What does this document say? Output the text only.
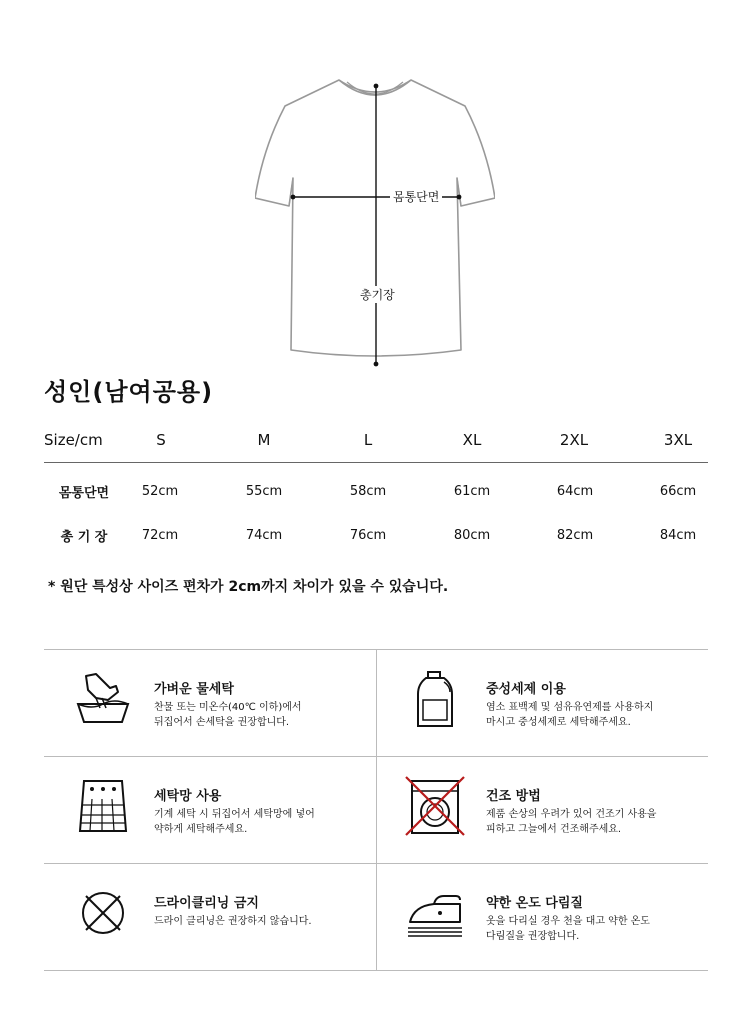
몸통단면
총기장
성인(남여공용)
Size/cm	S	M	L	XL	2XL	3XL
몸통단면	52cm	55cm	58cm	61cm	64cm	66cm
총 기 장	72cm	74cm	76cm	80cm	82cm	84cm
* 원단 특성상 사이즈 편차가 2cm까지 차이가 있을 수 있습니다.
가벼운 물세탁
찬물 또는 미온수(40℃ 이하)에서
뒤집어서 손세탁을 권장합니다.
중성세제 이용
염소 표백제 및 섬유유연제를 사용하지
마시고 중성세제로 세탁해주세요.
세탁망 사용
기계 세탁 시 뒤집어서 세탁망에 넣어
약하게 세탁해주세요.
건조 방법
제품 손상의 우려가 있어 건조기 사용을
피하고 그늘에서 건조해주세요.
드라이클리닝 금지
드라이 클리닝은 권장하지 않습니다.
약한 온도 다림질
옷을 다리실 경우 천을 대고 약한 온도
다림질을 권장합니다.
